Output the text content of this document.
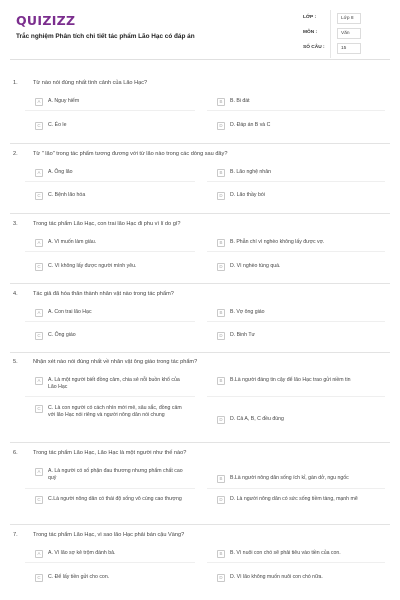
QUIZIZZ
Trắc nghiệm Phân tích chi tiết tác phẩm Lão Hạc có đáp án
LỚP :	Lớp 8
MÔN :	Văn
SỐ CÂU :	15
1.	Từ nào nói đúng nhất tình cảnh của Lão Hạc?
A	A. Nguy hiểm	B	B. Bi đát
C	C. Éo le	D	D. Đáp án B và C
2.	Từ " lão" trong tác phẩm tương đương với từ lão nào trong các dòng sau đây?
A	A. Ông lão	B	B. Lão nghệ nhân
C	C. Bệnh lão hóa	D	D. Lão thầy bói
3.	Trong tác phẩm Lão Hạc, con trai lão Hạc đi phu vì lí do gì?
A	A. Vì muốn làm giàu.	B	B. Phẫn chí vì nghèo không lấy được vợ.
C	C. Vì không lấy được người mình yêu.	D	D. Vì nghèo túng quá.
4.	Tác giả đã hóa thân thành nhân vật nào trong tác phẩm?
A	A. Con trai lão Hạc	B	B. Vợ ông giáo
C	C. Ông giáo	D	D. Binh Tư
5.	Nhận xét nào nói đúng nhất về nhân vật ông giáo trong tác phẩm?
A	A. Là một người biết đồng cảm, chia sẻ nỗi buồn khổ của Lão Hạc
B	B.Là người đáng tin cậy để lão Hạc trao gửi niềm tin
C	C. Là con người có cách nhìn mới mẻ, sâu sắc, đồng cảm với lão Hạc nói riêng và người nông dân nói chung
D	D. Cả A, B, C đều đúng
6.	Trong tác phẩm Lão Hạc, Lão Hạc là một người như thế nào?
A	A. Là người có số phận đau thương nhưng phẩm chất cao quý	B	B.Là người nông dân sống ích kỉ, gàn dở, ngu ngốc
C	C.Là người nông dân có thái độ sống vô cùng cao thượng	D	D. Là người nông dân có sức sống tiềm tàng, mạnh mẽ
7.	Trong tác phẩm Lão Hạc, vì sao lão Hạc phải bán cậu Vàng?
A	A. Vì lão sợ kẻ trộm đánh bả.	B	B. Vì nuôi con chó sẽ phải tiêu vào tiền của con.
C	C. Để lấy tiền gửi cho con.	D	D. Vì lão không muốn nuôi con chó nữa.
